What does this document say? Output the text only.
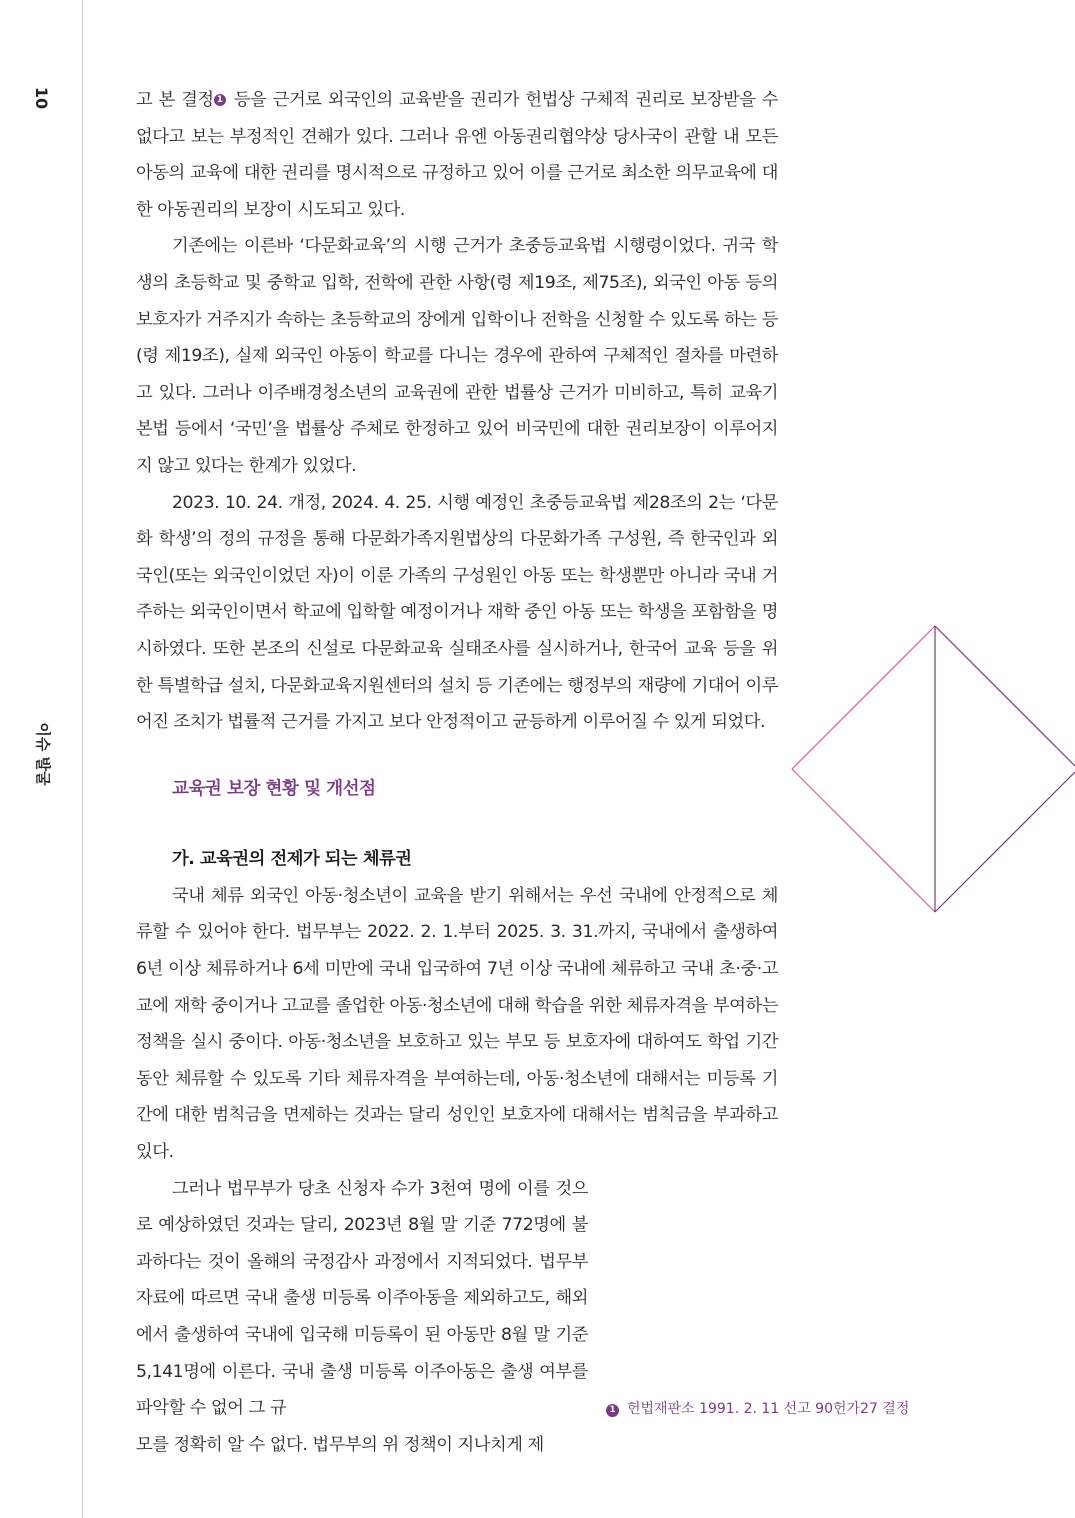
10
이슈 발굴

고 본 결정 1 등을 근거로 외국인의 교육받을 권리가 헌법상 구체적 권리로 보장받을 수 없다고 보는 부정적인 견해가 있다. 그러나 유엔 아동권리협약상 당사국이 관할 내 모든 아동의 교육에 대한 권리를 명시적으로 규정하고 있어 이를 근거로 최소한 의무교육에 대한 아동권리의 보장이 시도되고 있다.

기존에는 이른바 ‘다문화교육’의 시행 근거가 초중등교육법 시행령이었다. 귀국 학생의 초등학교 및 중학교 입학, 전학에 관한 사항(령 제19조, 제75조), 외국인 아동 등의 보호자가 거주지가 속하는 초등학교의 장에게 입학이나 전학을 신청할 수 있도록 하는 등(령 제19조), 실제 외국인 아동이 학교를 다니는 경우에 관하여 구체적인 절차를 마련하고 있다. 그러나 이주배경청소년의 교육권에 관한 법률상 근거가 미비하고, 특히 교육기본법 등에서 ‘국민’을 법률상 주체로 한정하고 있어 비국민에 대한 권리보장이 이루어지지 않고 있다는 한계가 있었다.

2023. 10. 24. 개정, 2024. 4. 25. 시행 예정인 초중등교육법 제28조의 2는 ‘다문화 학생’의 정의 규정을 통해 다문화가족지원법상의 다문화가족 구성원, 즉 한국인과 외국인(또는 외국인이었던 자)이 이룬 가족의 구성원인 아동 또는 학생뿐만 아니라 국내 거주하는 외국인이면서 학교에 입학할 예정이거나 재학 중인 아동 또는 학생을 포함함을 명시하였다. 또한 본조의 신설로 다문화교육 실태조사를 실시하거나, 한국어 교육 등을 위한 특별학급 설치, 다문화교육지원센터의 설치 등 기존에는 행정부의 재량에 기대어 이루어진 조치가 법률적 근거를 가지고 보다 안정적이고 균등하게 이루어질 수 있게 되었다.

교육권 보장 현황 및 개선점
가. 교육권의 전제가 되는 체류권

국내 체류 외국인 아동·청소년이 교육을 받기 위해서는 우선 국내에 안정적으로 체류할 수 있어야 한다. 법무부는 2022. 2. 1.부터 2025. 3. 31.까지, 국내에서 출생하여 6년 이상 체류하거나 6세 미만에 국내 입국하여 7년 이상 국내에 체류하고 국내 초·중·고교에 재학 중이거나 고교를 졸업한 아동·청소년에 대해 학습을 위한 체류자격을 부여하는 정책을 실시 중이다. 아동·청소년을 보호하고 있는 부모 등 보호자에 대하여도 학업 기간 동안 체류할 수 있도록 기타 체류자격을 부여하는데, 아동·청소년에 대해서는 미등록 기간에 대한 범칙금을 면제하는 것과는 달리 성인인 보호자에 대해서는 범칙금을 부과하고 있다.

그러나 법무부가 당초 신청자 수가 3천여 명에 이를 것으로 예상하였던 것과는 달리, 2023년 8월 말 기준 772명에 불과하다는 것이 올해의 국정감사 과정에서 지적되었다. 법무부 자료에 따르면 국내 출생 미등록 이주아동을 제외하고도, 해외에서 출생하여 국내에 입국해 미등록이 된 아동만 8월 말 기준 5,141명에 이른다. 국내 출생 미등록 이주아동은 출생 여부를 파악할 수 없어 그 규

모를 정확히 알 수 없다. 법무부의 위 정책이 지나치게 제

1 헌법재판소 1991. 2. 11 선고 90헌가27 결정
